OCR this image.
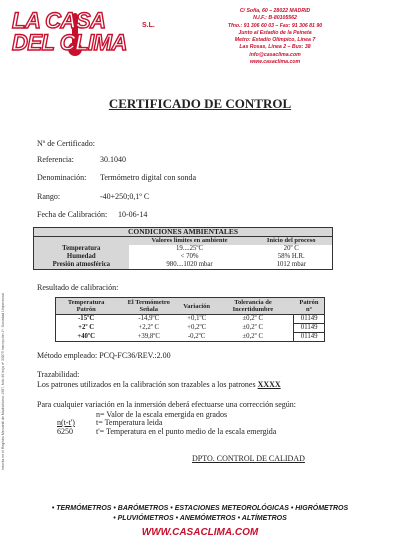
LA CASA
DEL CLIMA
S.L.
C/ Sofía, 60 – 28022 MADRID
N.I.F.: B-80105562
Tfno.: 91 306 60 03 – Fax: 91 306 81 90
Junto al Estadio de la Peineta
Metro: Estadio Olímpico, Línea 7
Las Rosas, Línea 2 – Bus: 38
info@casaclima.com
www.casaclima.com
CERTIFICADO DE CONTROL
Nº de Certificado:
Referencia:	30.1040
Denominación: Termómetro digital con sonda
Rango:	-40+250;0,1º C
Fecha de Calibración: 10-06-14
CONDICIONES AMBIENTALES		
	Valores limites en ambiente	Inicio del proceso
Temperatura	19....25ºC	20º C
Humedad	< 70%	58% H.R.
Presión atmosférica	980....1020 mbar	1012 mbar
Resultado de calibración:
Temperatura Patrón	El Termómetro Señala	Variación	Tolerancia de Incertidumbre	Patrón nº
-15ºC	-14,9ºC	+0,1ºC	±0,2º C	01149
+2º C	+2,2º C	+0,2ºC	±0,2º C	01149
+40ºC	+39,8ºC	-0,2ºC	±0,2º C	01149
Método empleado: PCQ-FC36/REV.:2.00
Trazabilidad:
Los patrones utilizados en la calibración son trazables a los patrones XXXX
Para cualquier variación en la inmersión deberá efectuarse una corrección según:
n= Valor de la escala emergida en grados
n(t-t')	t= Temperatura leida
6250	t'= Temperatura en el punto medio de la escala emergida
DPTO. CONTROL DE CALIDAD
Inscrita en el Registro Mercantil de Madrid tomo 1987, folio 46 hoja nº 33879 Inscripción 1ª. Sociedad Unipersonal
• TERMÓMETROS • BARÓMETROS • ESTACIONES METEOROLÓGICAS • HIGRÓMETROS
• PLUVIÓMETROS • ANEMÓMETROS • ALTÍMETROS
WWW.CASACLIMA.COM
